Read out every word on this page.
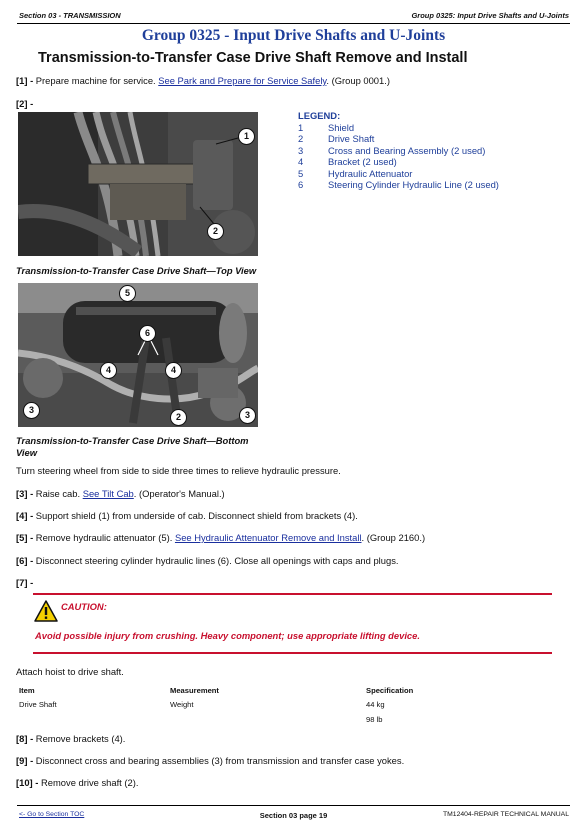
Section 03 - TRANSMISSION	Group 0325: Input Drive Shafts and U-Joints
Group 0325 - Input Drive Shafts and U-Joints
Transmission-to-Transfer Case Drive Shaft Remove and Install
[1] - Prepare machine for service. See Park and Prepare for Service Safely. (Group 0001.)
[2] -
1
2
LEGEND:
1	Shield
2	Drive Shaft
3	Cross and Bearing Assembly (2 used)
4	Bracket (2 used)
5	Hydraulic Attenuator
6	Steering Cylinder Hydraulic Line (2 used)
Transmission-to-Transfer Case Drive Shaft—Top View
5
6
4	4
3
2	3
Transmission-to-Transfer Case Drive Shaft—Bottom
View
Turn steering wheel from side to side three times to relieve hydraulic pressure.
[3] - Raise cab. See Tilt Cab. (Operator's Manual.)
[4] - Support shield (1) from underside of cab. Disconnect shield from brackets (4).
[5] - Remove hydraulic attenuator (5). See Hydraulic Attenuator Remove and Install. (Group 2160.)
[6] - Disconnect steering cylinder hydraulic lines (6). Close all openings with caps and plugs.
[7] -
CAUTION:
Avoid possible injury from crushing. Heavy component; use appropriate lifting device.
Attach hoist to drive shaft.
Item	Measurement	Specification
Drive Shaft	Weight	44 kg
98 lb
[8] - Remove brackets (4).
[9] - Disconnect cross and bearing assemblies (3) from transmission and transfer case yokes.
[10] - Remove drive shaft (2).
<- Go to Section TOC	Section 03 page 19	TM12404-REPAIR TECHNICAL MANUAL
